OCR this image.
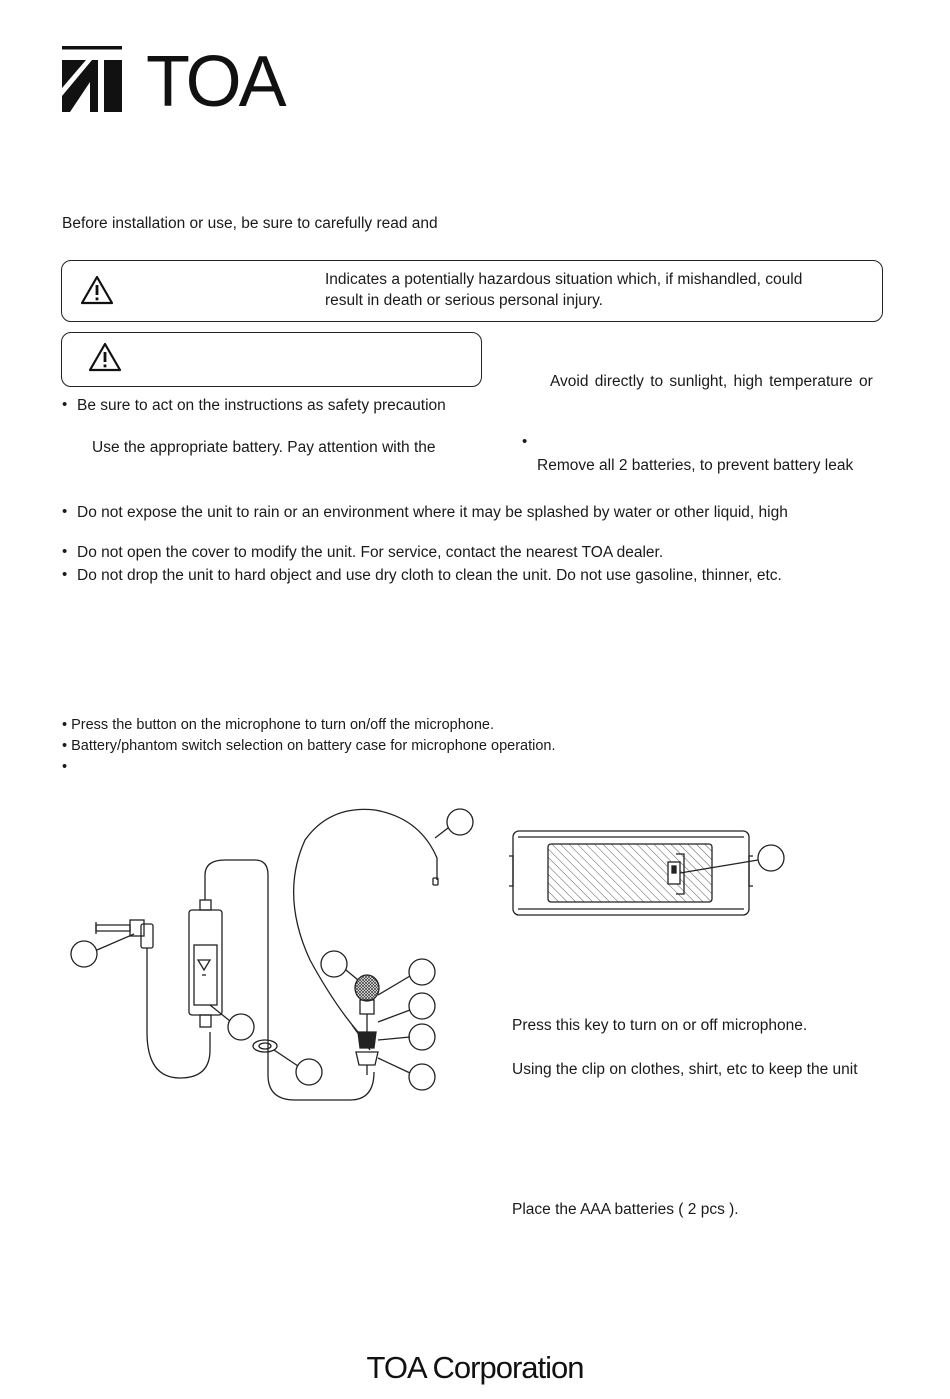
TOA
Before installation or use, be sure to carefully read and
Indicates a potentially hazardous situation which, if mishandled, could
result in death or serious personal injury.
Avoid directly to sunlight, high temperature or
• Be sure to act on the instructions as safety precaution
Use the appropriate battery. Pay attention with the	•
Remove all 2 batteries, to prevent battery leak
• Do not expose the unit to rain or an environment where it may be splashed by water or other liquid, high
• Do not open the cover to modify the unit. For service, contact the nearest TOA dealer.
• Do not drop the unit to hard object and use dry cloth to clean the unit. Do not use gasoline, thinner, etc.
• Press the button on the microphone to turn on/off the microphone.
• Battery/phantom switch selection on battery case for microphone operation.
•
Press this key to turn on or off microphone.
Using the clip on clothes, shirt, etc to keep the unit
Place the AAA batteries ( 2 pcs ).
TOA Corporation
